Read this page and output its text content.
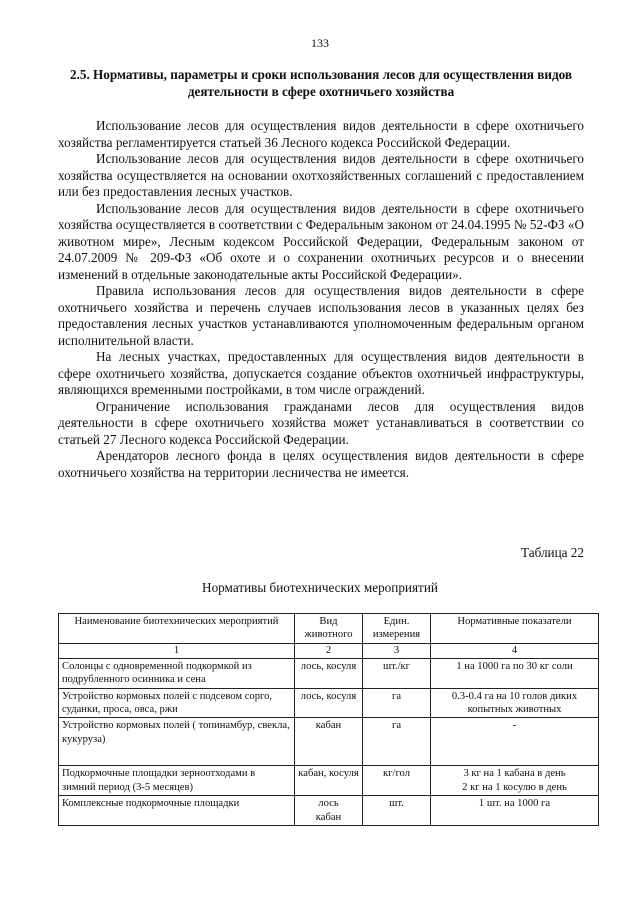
133
2.5. Нормативы, параметры и сроки использования лесов для осуществления видов деятельности в сфере охотничьего хозяйства

Использование лесов для осуществления видов деятельности в сфере охотничьего хозяйства регламентируется статьей 36 Лесного кодекса Российской Федерации.

Использование лесов для осуществления видов деятельности в сфере охотничьего хозяйства осуществляется на основании охотхозяйственных соглашений с предоставлением или без предоставления лесных участков.

Использование лесов для осуществления видов деятельности в сфере охотничьего хозяйства осуществляется в соответствии с Федеральным законом от 24.04.1995 № 52-ФЗ «О животном мире», Лесным кодексом Российской Федерации, Федеральным законом от 24.07.2009 № 209-ФЗ «Об охоте и о сохранении охотничьих ресурсов и о внесении изменений в отдельные законодательные акты Российской Федерации».

Правила использования лесов для осуществления видов деятельности в сфере охотничьего хозяйства и перечень случаев использования лесов в указанных целях без предоставления лесных участков устанавливаются уполномоченным федеральным органом исполнительной власти.

На лесных участках, предоставленных для осуществления видов деятельности в сфере охотничьего хозяйства, допускается создание объектов охотничьей инфраструктуры, являющихся временными постройками, в том числе ограждений.

Ограничение использования гражданами лесов для осуществления видов деятельности в сфере охотничьего хозяйства может устанавливаться в соответствии со статьей 27 Лесного кодекса Российской Федерации.

Арендаторов лесного фонда в целях осуществления видов деятельности в сфере охотничьего хозяйства на территории лесничества не имеется.

Таблица 22
Нормативы биотехнических мероприятий
Наименование биотехнических мероприятий	Вид животного	Един. измерения	Нормативные показатели
1	2	3	4
Солонцы с одновременной подкормкой из подрубленного осинника и сена	лось, косуля	шт./кг	1 на 1000 га по 30 кг соли
Устройство кормовых полей с подсевом сорго, суданки, проса, овса, ржи	лось, косуля	га	0.3-0.4 га на 10 голов диких копытных животных
Устройство кормовых полей ( топинамбур, свекла, кукуруза)	кабан	га	-
Подкормочные площадки зерноотходами в зимний период (3-5 месяцев)	кабан, косуля	кг/гол	3 кг на 1 кабана в день 2 кг на 1 косулю в день
Комплексные подкормочные площадки	лось кабан	шт.	1 шт. на 1000 га
